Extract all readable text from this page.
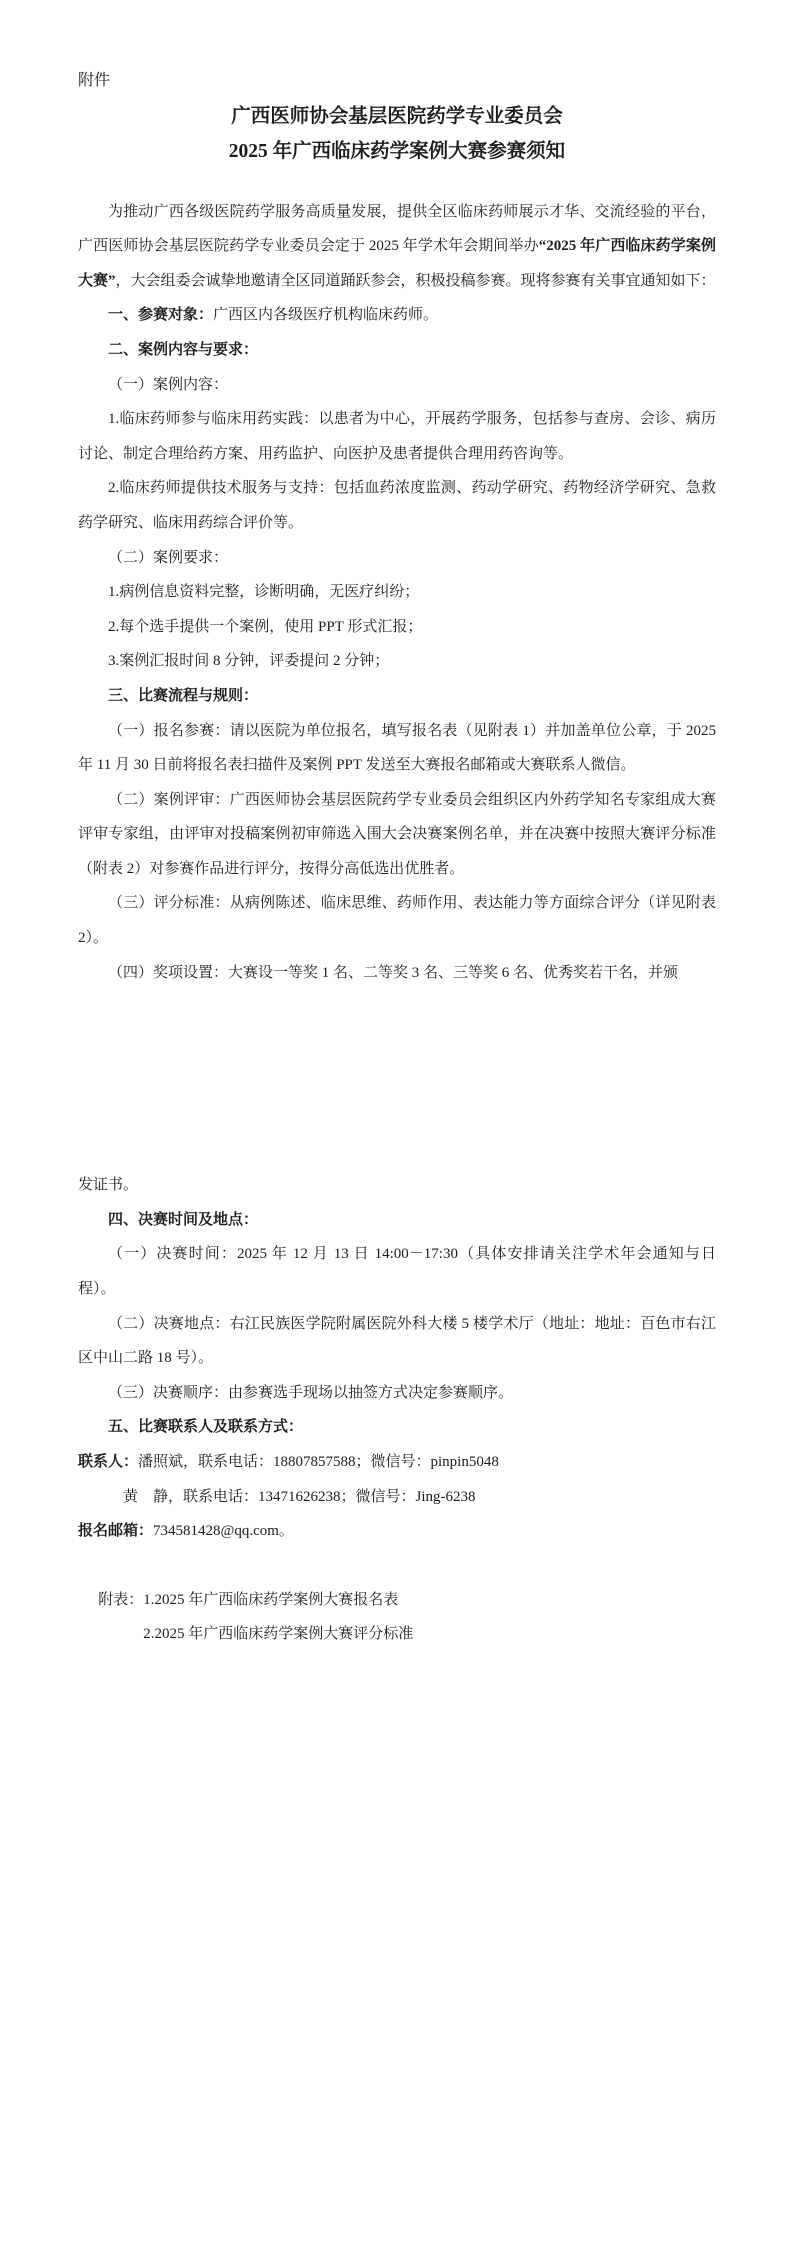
附件

广西医师协会基层医院药学专业委员会

2025 年广西临床药学案例大赛参赛须知

为推动广西各级医院药学服务高质量发展，提供全区临床药师展示才华、交流经验的平台，广西医师协会基层医院药学专业委员会定于 2025 年学术年会期间举办“2025 年广西临床药学案例大赛”，大会组委会诚挚地邀请全区同道踊跃参会，积极投稿参赛。现将参赛有关事宜通知如下：

一、参赛对象：广西区内各级医疗机构临床药师。

二、案例内容与要求：

（一）案例内容：

1.临床药师参与临床用药实践：以患者为中心，开展药学服务，包括参与查房、会诊、病历讨论、制定合理给药方案、用药监护、向医护及患者提供合理用药咨询等。

2.临床药师提供技术服务与支持：包括血药浓度监测、药动学研究、药物经济学研究、急救药学研究、临床用药综合评价等。

（二）案例要求：

1.病例信息资料完整，诊断明确，无医疗纠纷；

2.每个选手提供一个案例，使用 PPT 形式汇报；

3.案例汇报时间 8 分钟，评委提问 2 分钟；

三、比赛流程与规则：

（一）报名参赛：请以医院为单位报名，填写报名表（见附表 1）并加盖单位公章，于 2025 年 11 月 30 日前将报名表扫描件及案例 PPT 发送至大赛报名邮箱或大赛联系人微信。

（二）案例评审：广西医师协会基层医院药学专业委员会组织区内外药学知名专家组成大赛评审专家组，由评审对投稿案例初审筛选入围大会决赛案例名单，并在决赛中按照大赛评分标准（附表 2）对参赛作品进行评分，按得分高低选出优胜者。

（三）评分标准：从病例陈述、临床思维、药师作用、表达能力等方面综合评分（详见附表 2）。

（四）奖项设置：大赛设一等奖 1 名、二等奖 3 名、三等奖 6 名、优秀奖若干名，并颁

发证书。

四、决赛时间及地点：

（一）决赛时间：2025 年 12 月 13 日 14:00－17:30（具体安排请关注学术年会通知与日程）。

（二）决赛地点：右江民族医学院附属医院外科大楼 5 楼学术厅（地址：地址：百色市右江区中山二路 18 号）。

（三）决赛顺序：由参赛选手现场以抽签方式决定参赛顺序。

五、比赛联系人及联系方式：

联系人：潘照斌，联系电话：18807857588；微信号：pinpin5048

黄　静，联系电话：13471626238；微信号：Jing-6238

报名邮箱：734581428@qq.com。

附表：1.2025 年广西临床药学案例大赛报名表

2.2025 年广西临床药学案例大赛评分标准
